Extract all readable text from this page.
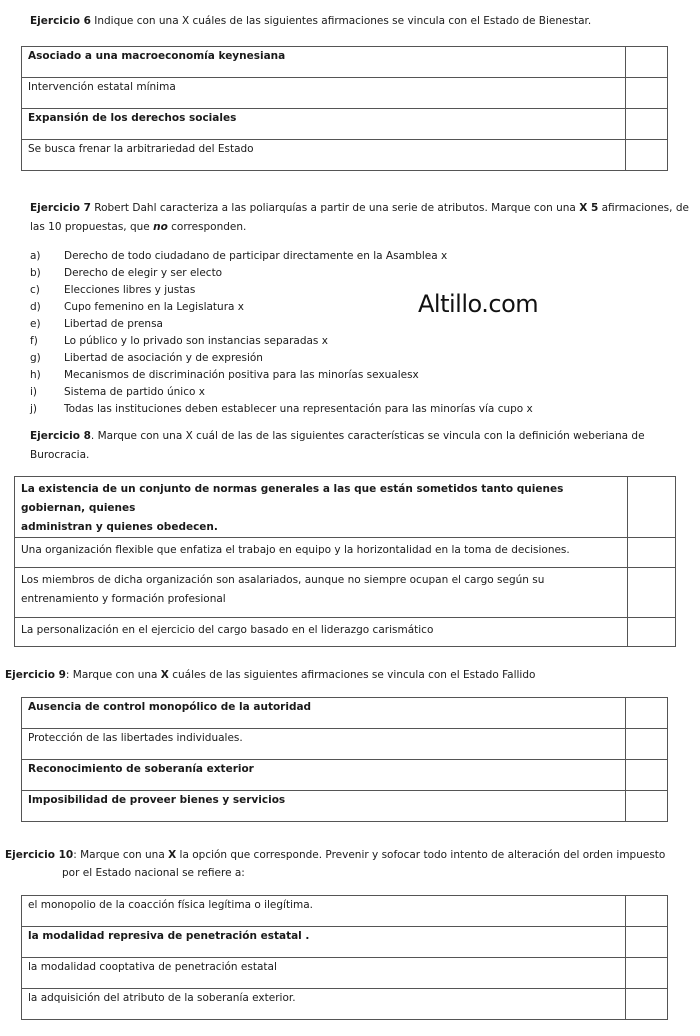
Ejercicio 6 Indique con una X cuáles de las siguientes afirmaciones se vincula con el Estado de Bienestar.
Asociado a una macroeconomía keynesiana	
Intervención estatal mínima	
Expansión de los derechos sociales	
Se busca frenar la arbitrariedad del Estado	
Ejercicio 7 Robert Dahl caracteriza a las poliarquías a partir de una serie de atributos. Marque con una X 5 afirmaciones, de
las 10 propuestas, que no corresponden.
a) Derecho de todo ciudadano de participar directamente en la Asamblea x
b) Derecho de elegir y ser electo
c) Elecciones libres y justas
d) Cupo femenino en la Legislatura x
e) Libertad de prensa
f) Lo público y lo privado son instancias separadas x
g) Libertad de asociación y de expresión
h) Mecanismos de discriminación positiva para las minorías sexualesx
i)	Sistema de partido único x
j)	Todas las instituciones deben establecer una representación para las minorías vía cupo x
Altillo.com
Ejercicio 8. Marque con una X cuál de las de las siguientes características se vincula con la definición weberiana de
Burocracia.
La existencia de un conjunto de normas generales a las que están sometidos tanto quienes gobiernan, quienes
administran y quienes obedecen.	

Una organización flexible que enfatiza el trabajo en equipo y la horizontalidad en la toma de decisiones.	

Los miembros de dicha organización son asalariados, aunque no siempre ocupan el cargo según su
entrenamiento y formación profesional	

La personalización en el ejercicio del cargo basado en el liderazgo carismático	

Ejercicio 9: Marque con una X cuáles de las siguientes afirmaciones se vincula con el Estado Fallido
Ausencia de control monopólico de la autoridad	
Protección de las libertades individuales.	
Reconocimiento de soberanía exterior	
Imposibilidad de proveer bienes y servicios	
Ejercicio 10: Marque con una X la opción que corresponde. Prevenir y sofocar todo intento de alteración del orden impuesto
por el Estado nacional se refiere a:
el monopolio de la coacción física legítima o ilegítima.	
la modalidad represiva de penetración estatal .	
la modalidad cooptativa de penetración estatal	
la adquisición del atributo de la soberanía exterior.	
